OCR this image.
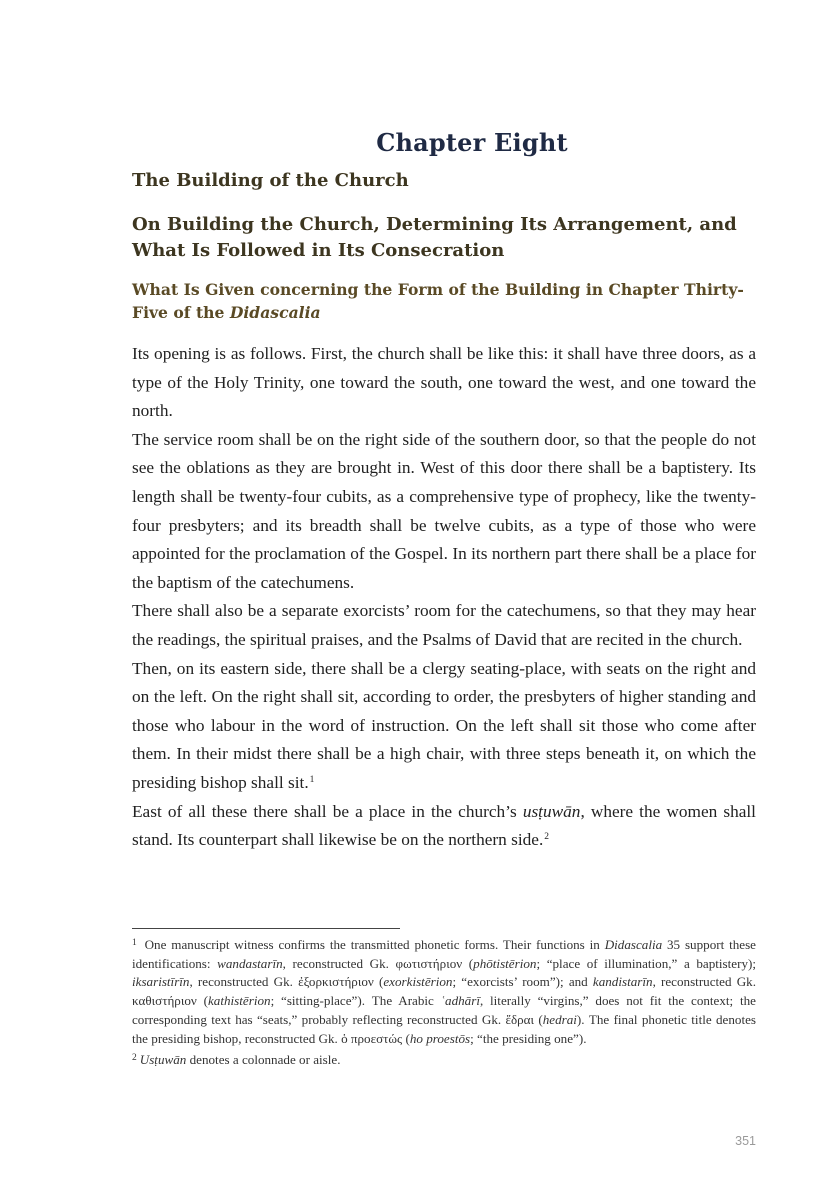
Chapter Eight
The Building of the Church
On Building the Church, Determining Its Arrangement, and What Is Followed in Its Consecration
What Is Given concerning the Form of the Building in Chapter Thirty-Five of the Didascalia

Its opening is as follows. First, the church shall be like this: it shall have three doors, as a type of the Holy Trinity, one toward the south, one toward the west, and one toward the north.

The service room shall be on the right side of the southern door, so that the people do not see the oblations as they are brought in. West of this door there shall be a baptistery. Its length shall be twenty-four cubits, as a comprehensive type of prophecy, like the twenty-four presbyters; and its breadth shall be twelve cubits, as a type of those who were appointed for the proclamation of the Gospel. In its northern part there shall be a place for the baptism of the catechumens.

There shall also be a separate exorcists’ room for the catechumens, so that they may hear the readings, the spiritual praises, and the Psalms of David that are recited in the church.

Then, on its eastern side, there shall be a clergy seating-place, with seats on the right and on the left. On the right shall sit, according to order, the presbyters of higher standing and those who labour in the word of instruction. On the left shall sit those who come after them. In their midst there shall be a high chair, with three steps beneath it, on which the presiding bishop shall sit.$^1$

East of all these there shall be a place in the church’s usṭuwān, where the women shall stand. Its counterpart shall likewise be on the northern side.$^2$

$^1$ One manuscript witness confirms the transmitted phonetic forms. Their functions in Didascalia 35 support these identifications: wandastarīn, reconstructed Gk. φωτιστήριον (phōtistērion; “place of illumination,” a baptistery); iksaristīrīn, reconstructed Gk. ἐξορκιστήριον (exorkistērion; “exorcists’ room”); and kandistarīn, reconstructed Gk. καθιστήριον (kathistērion; “sitting-place”). The Arabic ʿadhārī, literally “virgins,” does not fit the context; the corresponding text has “seats,” probably reflecting reconstructed Gk. ἕδραι (hedrai). The final phonetic title denotes the presiding bishop, reconstructed Gk. ὁ προεστώς (ho proestōs; “the presiding one”).

$^2$ Usṭuwān denotes a colonnade or aisle.

351
